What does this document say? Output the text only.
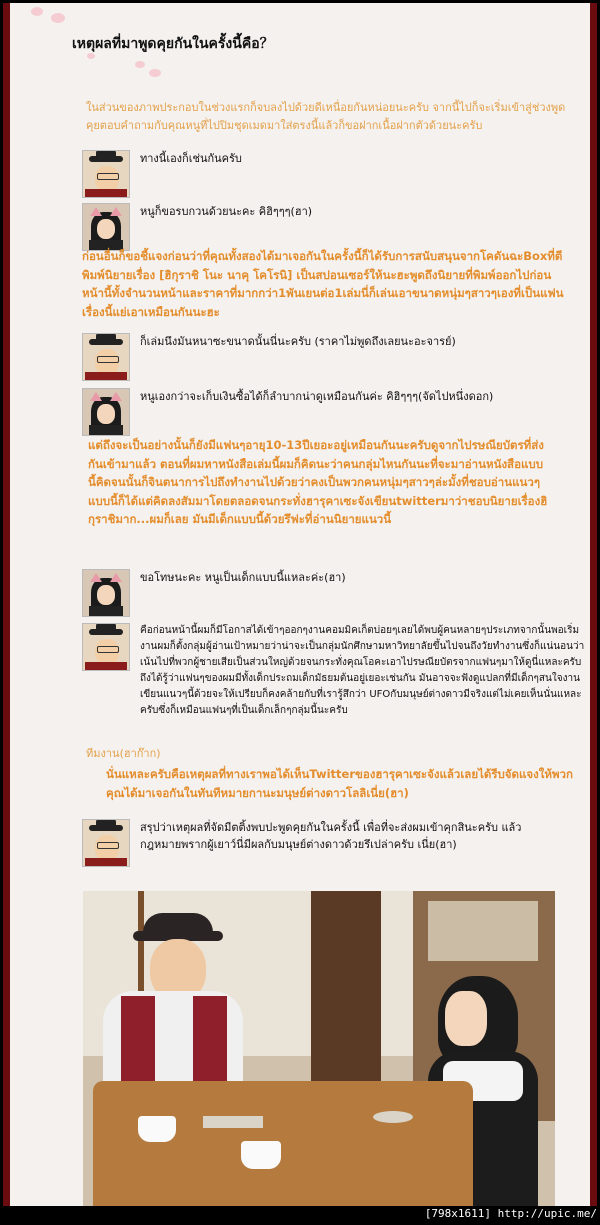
เหตุผลที่มาพูดคุยกันในครั้งนี้คือ？
ในส่วนของภาพประกอบในช่วงแรกก็จบลงไปด้วยดีเหนื่อยกันหน่อยนะครับ จากนี้ไปก็จะเริ่มเข้าสู่ช่วงพูดคุยตอบคำถามกับคุณหนูที่ไปปิมชุดเมดมาใส่ตรงนี้แล้วก็ขอฝากเนื้อฝากตัวด้วยนะครับ
ทางนี้เองก็เช่นกันครับ
หนูก็ขอรบกวนด้วยนะคะ คิฮิๆๆๆ(ฮา)
ก่อนอื่นก็ขอชี้แจงก่อนว่าที่คุณทั้งสองได้มาเจอกันในครั้งนี้ก็ได้รับการสนับสนุนจากโคดันฉะBoxที่ตีพิมพ์นิยายเรื่อง [ฮิกุราชิ โนะ นาคุ โคโรนิ] เป็นสปอนเซอร์ให้นะฮะพูดถึงนิยายที่พิมพ์ออกไปก่อนหน้านี้ทั้งจำนวนหน้าและราคาที่มากกว่า1พันเยนต่อ1เล่มนี่ก็เล่นเอาขนาดหนุ่มๆสาวๆเองที่เป็นแฟนเรื่องนี้แย่เอาเหมือนกันนะฮะ
ก็เล่มนึงมันหนาซะขนาดนั้นนี่นะครับ (ราคาไม่พูดถึงเลยนะอะจารย์)
หนูเองกว่าจะเก็บเงินซื้อได้ก็ลำบากน่าดูเหมือนกันค่ะ คิฮิๆๆๆ(จัดไปหนึ่งดอก)
แต่ถึงจะเป็นอย่างนั้นก็ยังมีแฟนๆอายุ10-13ปีเยอะอยู่เหมือนกันนะครับดูจากไปรษณียบัตรที่ส่งกันเข้ามาแล้ว ตอนที่ผมหาหนังสือเล่มนี้ผมก็คิดนะว่าคนกลุ่มไหนกันนะที่จะมาอ่านหนังสือแบบนี้คิดจนนั้นก็จินตนาการไปถึงทำงานไปด้วยว่าคงเป็นพวกคนหนุ่มๆสาวๆล่ะมั้งที่ชอบอ่านแนวๆแบบนี้ก็ได้แต่คิดลงสัมมาโดยตลอดจนกระทั่งฮารุคาเซะจังเขียนtwitterมาว่าชอบนิยายเรื่องฮิกุราชิมาก...ผมก็เลย มันมีเด็กแบบนี้ด้วยรึฟะที่อ่านนิยายแนวนี้
ขอโทษนะคะ หนูเป็นเด็กแบบนี้แหละค่ะ(ฮา)
คือก่อนหน้านี้ผมก็มีโอกาสได้เข้าๆออกๆงานคอมมิคเก็ตบ่อยๆเลยได้พบผู้คนหลายๆประเภทจากนั้นพอเริ่มงานผมก็ตั้งกลุ่มผู้อ่านเป้าหมายว่าน่าจะเป็นกลุ่มนักศึกษามหาวิทยาลัยขึ้นไปจนถึงวัยทำงานซึ่งก็แน่นอนว่าเน้นไปที่พวกผู้ชายเสียเป็นส่วนใหญ่ด้วยจนกระทั่งคุณโอคะเอาไปรษณียบัตรจากแฟนๆมาให้ดูนี่แหละครับถึงได้รู้ว่าแฟนๆของผมมีทั้งเด็กประถมเด็กมัธยมต้นอยู่เยอะเช่นกัน มันอาจจะฟังดูแปลกที่มีเด็กๆสนใจงานเขียนแนวๆนี้ด้วยจะให้เปรียบก็คงคล้ายกับที่เรารู้สึกว่า UFOกับมนุษย์ต่างดาวมีจริงแต่ไม่เคยเห็นนั่นแหละครับซึ่งก็เหมือนแฟนๆที่เป็นเด็กเล็กๆกลุ่มนี้นะครับ
ทีมงาน(ฮาก๊าก)
นั่นแหละครับคือเหตุผลที่ทางเราพอได้เห็นTwitterของฮารุคาเซะจังแล้วเลยได้รีบจัดแจงให้พวกคุณได้มาเจอกันในทันทีหมายกานะมนุษย์ต่างดาวโลลิเนี่ย(ฮา)
สรุปว่าเหตุผลที่จัดมีตติ้งพบปะพูดคุยกันในครั้งนี้ เพื่อที่จะส่งผมเข้าคุกสินะครับ แล้วกฎหมายพรากผู้เยาว์นี่มีผลกับมนุษย์ต่างดาวด้วยรึเปล่าครับ เนี่ย(ฮา)
[798x1611] http://upic.me/
